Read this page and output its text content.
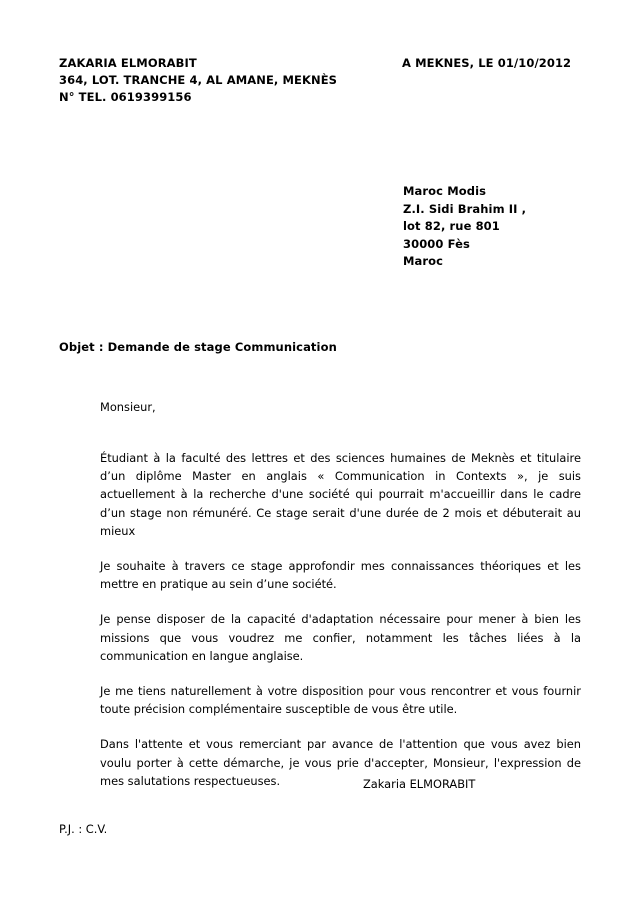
ZAKARIA ELMORABIT
364, LOT. TRANCHE 4, AL AMANE, MEKNÈS
N° TEL. 0619399156
A MEKNES, LE 01/10/2012
Maroc Modis
Z.I. Sidi Brahim II ,
lot 82, rue 801
30000 Fès
Maroc
Objet : Demande de stage Communication

Monsieur,

Étudiant à la faculté des lettres et des sciences humaines de Meknès et titulaire d’un diplôme Master en anglais « Communication in Contexts », je suis actuellement à la recherche d'une société qui pourrait m'accueillir dans le cadre d’un stage non rémunéré. Ce stage serait d'une durée de 2 mois et débuterait au mieux

Je souhaite à travers ce stage approfondir mes connaissances théoriques et les mettre en pratique au sein d’une société.

Je pense disposer de la capacité d'adaptation nécessaire pour mener à bien les missions que vous voudrez me confier, notamment les tâches liées à la communication en langue anglaise.

Je me tiens naturellement à votre disposition pour vous rencontrer et vous fournir toute précision complémentaire susceptible de vous être utile.

Dans l'attente et vous remerciant par avance de l'attention que vous avez bien voulu porter à cette démarche, je vous prie d'accepter, Monsieur, l'expression de mes salutations respectueuses.	Zakaria ELMORABIT
P.J. : C.V.
